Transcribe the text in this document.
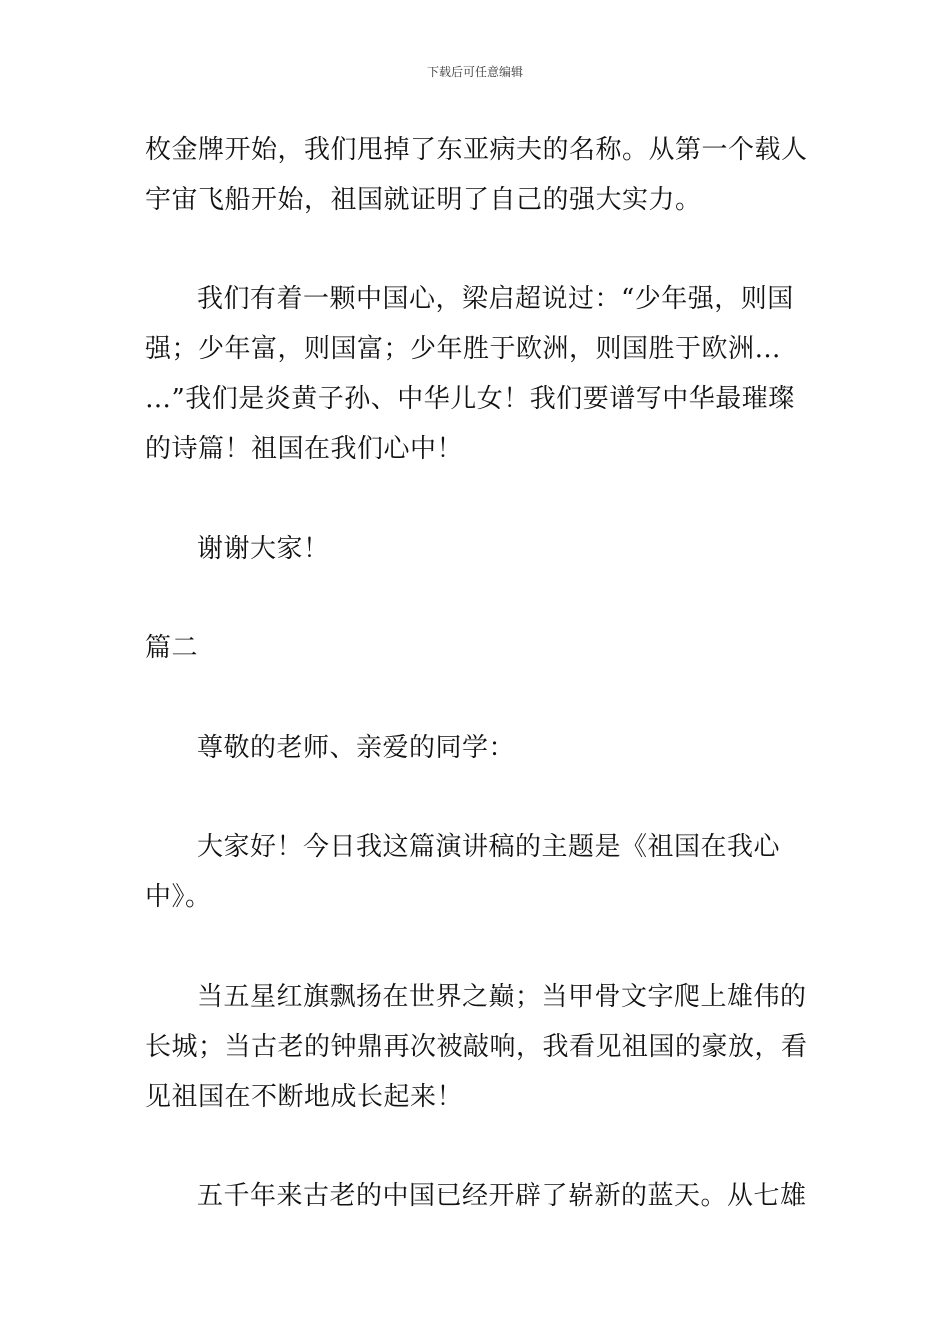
下载后可任意编辑
枚金牌开始，我们甩掉了东亚病夫的名称。从第一个载人
宇宙飞船开始，祖国就证明了自己的强大实力。
我们有着一颗中国心，梁启超说过：“少年强，则国
强；少年富，则国富；少年胜于欧洲，则国胜于欧洲…
…”我们是炎黄子孙、中华儿女！我们要谱写中华最璀璨
的诗篇！祖国在我们心中！
谢谢大家！
篇二
尊敬的老师、亲爱的同学：
大家好！今日我这篇演讲稿的主题是《祖国在我心
中》。
当五星红旗飘扬在世界之巅；当甲骨文字爬上雄伟的
长城；当古老的钟鼎再次被敲响，我看见祖国的豪放，看
见祖国在不断地成长起来！
五千年来古老的中国已经开辟了崭新的蓝天。从七雄
